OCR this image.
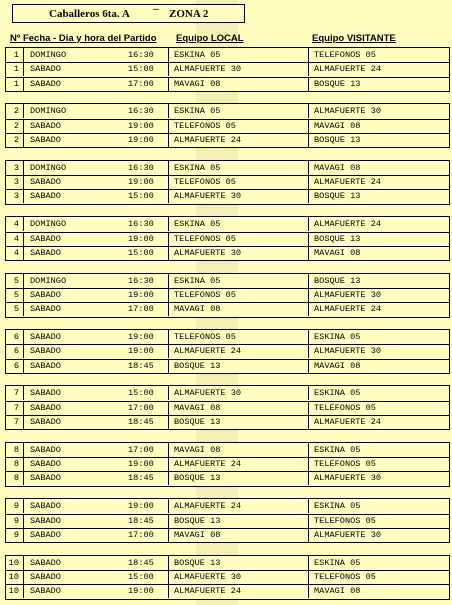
Caballeros 6ta. A – ZONA 2
Nº Fecha - Dia y hora del Partido Equipo LOCAL	Equipo VISITANTE
1	DOMINGO	16:30	ESKINA 05	TELEFONOS 05
1	SABADO	15:00	ALMAFUERTE 30	ALMAFUERTE 24
1	SABADO	17:00	MAVAGI 08	BOSQUE 13
2	DOMINGO	16:30	ESKINA 05	ALMAFUERTE 30
2	SABADO	19:00	TELEFONOS 05	MAVAGI 08
2	SABADO	19:00	ALMAFUERTE 24	BOSQUE 13
3	DOMINGO	16:30	ESKINA 05	MAVAGI 08
3	SABADO	19:00	TELEFONOS 05	ALMAFUERTE 24
3	SABADO	15:00	ALMAFUERTE 30	BOSQUE 13
4	DOMINGO	16:30	ESKINA 05	ALMAFUERTE 24
4	SABADO	19:00	TELEFONOS 05	BOSQUE 13
4	SABADO	15:00	ALMAFUERTE 30	MAVAGI 08
5	DOMINGO	16:30	ESKINA 05	BOSQUE 13
5	SABADO	19:00	TELEFONOS 05	ALMAFUERTE 30
5	SABADO	17:00	MAVAGI 08	ALMAFUERTE 24
6	SABADO	19:00	TELEFONOS 05	ESKINA 05
6	SABADO	19:00	ALMAFUERTE 24	ALMAFUERTE 30
6	SABADO	18:45	BOSQUE 13	MAVAGI 08
7	SABADO	15:00	ALMAFUERTE 30	ESKINA 05
7	SABADO	17:00	MAVAGI 08	TELEFONOS 05
7	SABADO	18:45	BOSQUE 13	ALMAFUERTE 24
8	SABADO	17:00	MAVAGI 08	ESKINA 05
8	SABADO	19:00	ALMAFUERTE 24	TELEFONOS 05
8	SABADO	18:45	BOSQUE 13	ALMAFUERTE 30
9	SABADO	19:00	ALMAFUERTE 24	ESKINA 05
9	SABADO	18:45	BOSQUE 13	TELEFONOS 05
9	SABADO	17:00	MAVAGI 08	ALMAFUERTE 30
10	SABADO	18:45	BOSQUE 13	ESKINA 05
10	SABADO	15:00	ALMAFUERTE 30	TELEFONOS 05
10	SABADO	19:00	ALMAFUERTE 24	MAVAGI 08
